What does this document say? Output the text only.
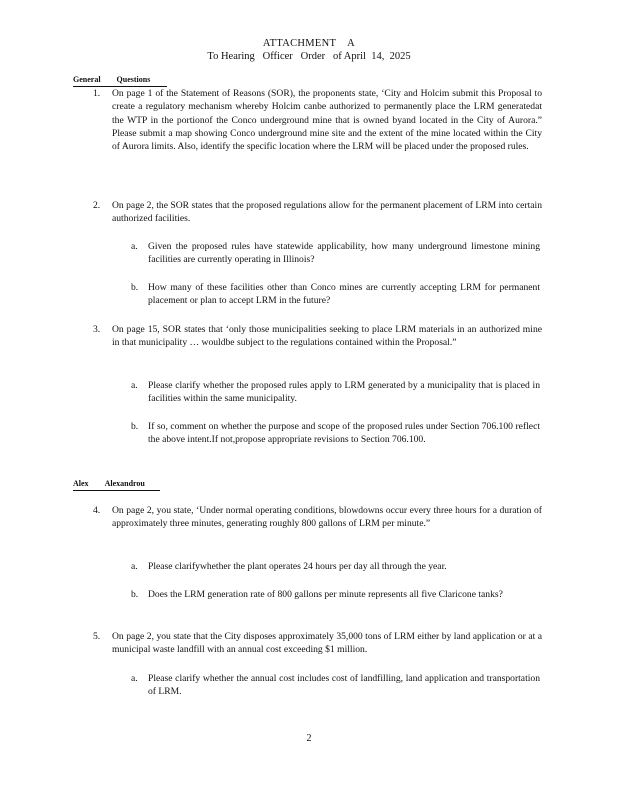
ATTACHMENT    A
To Hearing   Officer   Order   of April  14,  2025
General Questions
1. On page 1 of the Statement of Reasons (SOR), the proponents state, ‘City and Holcim submit this Proposal to create a regulatory mechanism whereby Holcim canbe authorized to permanently place the LRM generatedat the WTP in the portionof the Conco underground mine that is owned byand located in the City of Aurora.” Please submit a map showing Conco underground mine site and the extent of the mine located within the City of Aurora limits. Also, identify the specific location where the LRM will be placed under the proposed rules.
2. On page 2, the SOR states that the proposed regulations allow for the permanent placement of LRM into certain authorized facilities.
a. Given the proposed rules have statewide applicability, how many underground limestone mining facilities are currently operating in Illinois?
b. How many of these facilities other than Conco mines are currently accepting LRM for permanent placement or plan to accept LRM in the future?
3. On page 15, SOR states that ‘only those municipalities seeking to place LRM materials in an authorized mine in that municipality … wouldbe subject to the regulations contained within the Proposal.”
a. Please clarify whether the proposed rules apply to LRM generated by a municipality that is placed in facilities within the same municipality.
b. If so, comment on whether the purpose and scope of the proposed rules under Section 706.100 reflect the above intent.If not,propose appropriate revisions to Section 706.100.
Alex Alexandrou
4. On page 2, you state, ‘Under normal operating conditions, blowdowns occur every three hours for a duration of approximately three minutes, generating roughly 800 gallons of LRM per minute.”
a. Please clarifywhether the plant operates 24 hours per day all through the year.
b. Does the LRM generation rate of 800 gallons per minute represents all five Claricone tanks?
5. On page 2, you state that the City disposes approximately 35,000 tons of LRM either by land application or at a municipal waste landfill with an annual cost exceeding $1 million.
a. Please clarify whether the annual cost includes cost of landfilling, land application and transportation of LRM.
2
